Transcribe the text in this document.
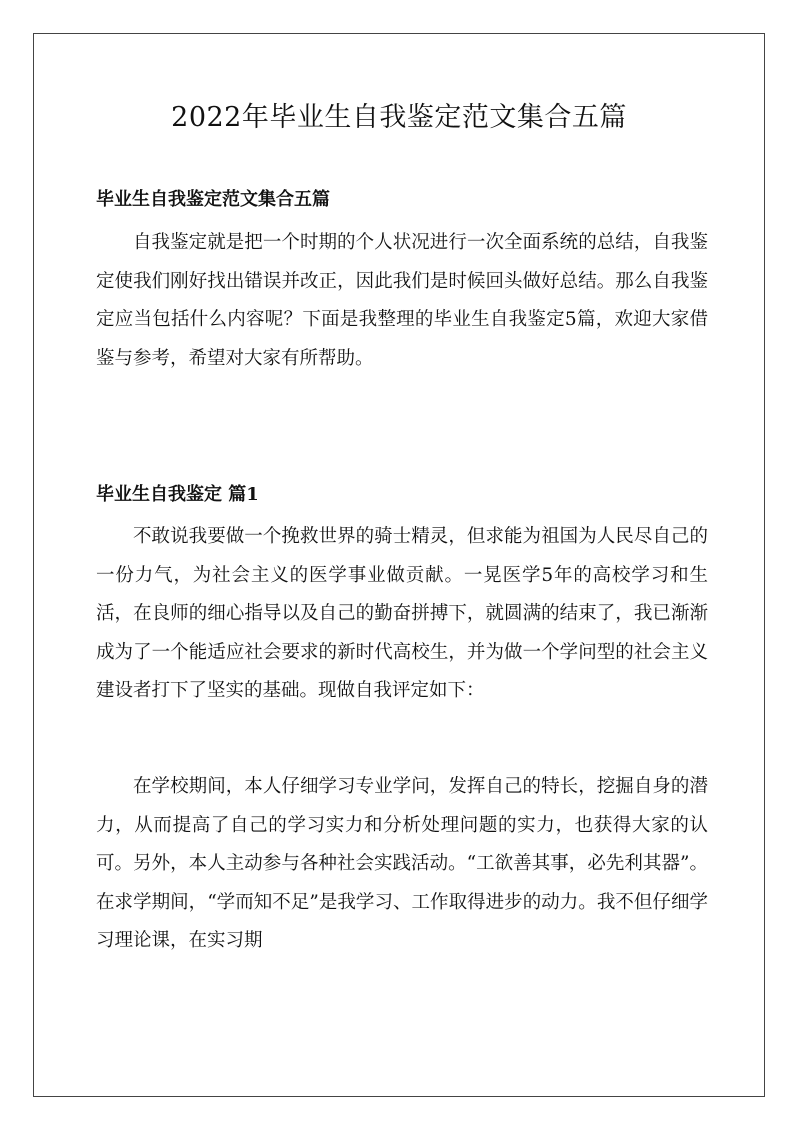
2022年毕业生自我鉴定范文集合五篇
毕业生自我鉴定范文集合五篇

自我鉴定就是把一个时期的个人状况进行一次全面系统的总结，自我鉴定使我们刚好找出错误并改正，因此我们是时候回头做好总结。那么自我鉴定应当包括什么内容呢？下面是我整理的毕业生自我鉴定5篇，欢迎大家借鉴与参考，希望对大家有所帮助。

毕业生自我鉴定 篇1

不敢说我要做一个挽救世界的骑士精灵，但求能为祖国为人民尽自己的一份力气，为社会主义的医学事业做贡献。一晃医学5年的高校学习和生活，在良师的细心指导以及自己的勤奋拼搏下，就圆满的结束了，我已渐渐成为了一个能适应社会要求的新时代高校生，并为做一个学问型的社会主义建设者打下了坚实的基础。现做自我评定如下：

在学校期间，本人仔细学习专业学问，发挥自己的特长，挖掘自身的潜力，从而提高了自己的学习实力和分析处理问题的实力，也获得大家的认可。另外，本人主动参与各种社会实践活动。“工欲善其事，必先利其器”。在求学期间，“学而知不足”是我学习、工作取得进步的动力。我不但仔细学习理论课，在实习期
